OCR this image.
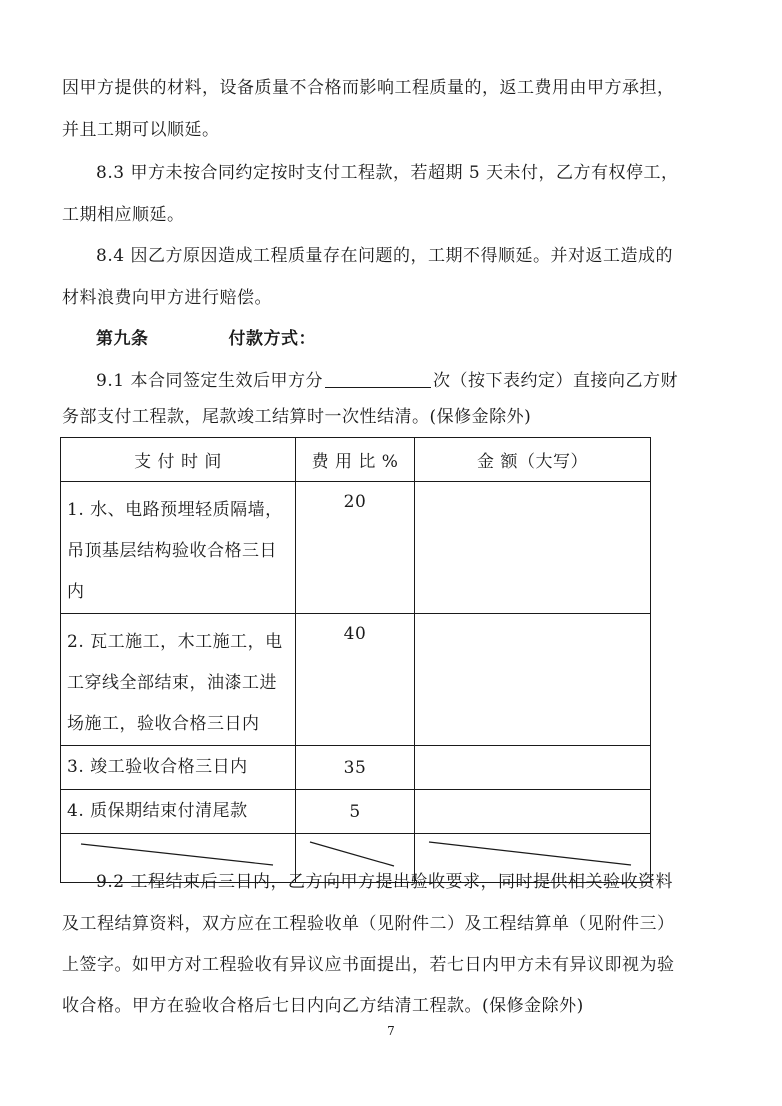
因甲方提供的材料，设备质量不合格而影响工程质量的，返工费用由甲方承担，
并且工期可以顺延。
8.3 甲方未按合同约定按时支付工程款，若超期 5 天未付，乙方有权停工，
工期相应顺延。
8.4 因乙方原因造成工程质量存在问题的，工期不得顺延。并对返工造成的
材料浪费向甲方进行赔偿。
第九条	付款方式：
9.1 本合同签定生效后甲方分	次（按下表约定）直接向乙方财
务部支付工程款，尾款竣工结算时一次性结清。(保修金除外)
支 付 时 间	费 用 比 %	金 额（大写）

1. 水、电路预埋轻质隔墙，
吊顶基层结构验收合格三日
内	20	

2. 瓦工施工，木工施工，电
工穿线全部结束，油漆工进
场施工，验收合格三日内	40	

3. 竣工验收合格三日内	35	

4. 质保期结束付清尾款	5	

9.2 工程结束后三日内，乙方向甲方提出验收要求，同时提供相关验收资料
及工程结算资料，双方应在工程验收单（见附件二）及工程结算单（见附件三）
上签字。如甲方对工程验收有异议应书面提出，若七日内甲方未有异议即视为验
收合格。甲方在验收合格后七日内向乙方结清工程款。(保修金除外)
7
